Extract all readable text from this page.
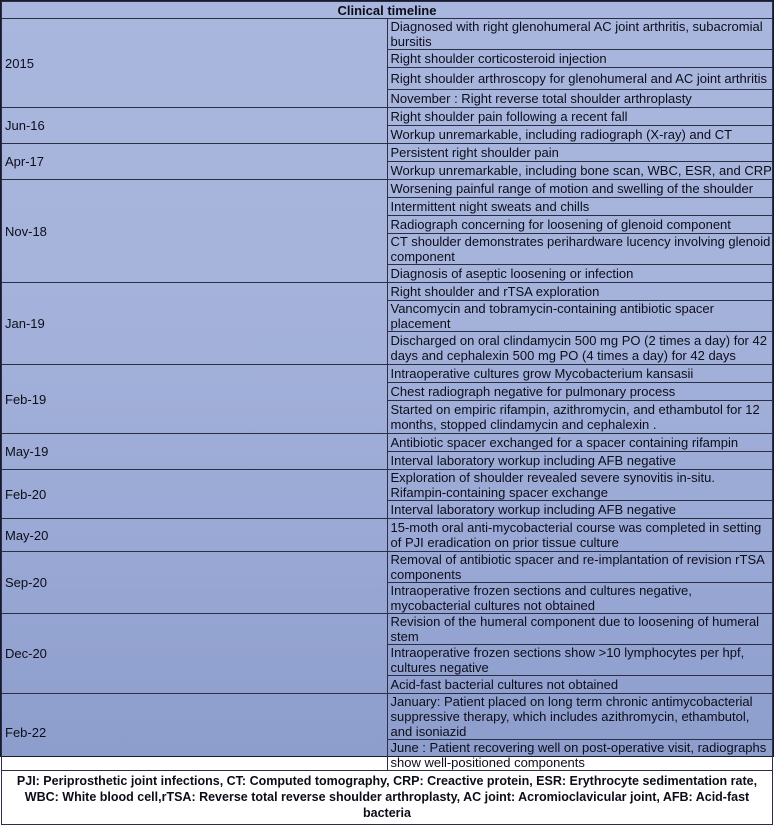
Clinical timeline	
2015	Diagnosed with right glenohumeral AC joint arthritis, subacromial bursitis
	Right shoulder corticosteroid injection
	Right shoulder arthroscopy for glenohumeral and AC joint arthritis
	November : Right reverse total shoulder arthroplasty
Jun-16	Right shoulder pain following a recent fall
	Workup unremarkable, including radiograph (X-ray) and CT
Apr-17	Persistent right shoulder pain
	Workup unremarkable, including bone scan, WBC, ESR, and CRP
Nov-18	Worsening painful range of motion and swelling of the shoulder
	Intermittent night sweats and chills
	Radiograph concerning for loosening of glenoid component
	CT shoulder demonstrates perihardware lucency involving glenoid component
	Diagnosis of aseptic loosening or infection
Jan-19	Right shoulder and rTSA exploration
	Vancomycin and tobramycin-containing antibiotic spacer placement
	Discharged on oral clindamycin 500 mg PO (2 times a day) for 42 days and cephalexin 500 mg PO (4 times a day) for 42 days
Feb-19	Intraoperative cultures grow Mycobacterium kansasii
	Chest radiograph negative for pulmonary process
	Started on empiric rifampin, azithromycin, and ethambutol for 12 months, stopped clindamycin and cephalexin .
May-19	Antibiotic spacer exchanged for a spacer containing rifampin
	Interval laboratory workup including AFB negative
Feb-20	Exploration of shoulder revealed severe synovitis in-situ. Rifampin-containing spacer exchange
	Interval laboratory workup including AFB negative
May-20	15-moth oral anti-mycobacterial course was completed in setting of PJI eradication on prior tissue culture
Sep-20	Removal of antibiotic spacer and re-implantation of revision rTSA components
	Intraoperative frozen sections and cultures negative, mycobacterial cultures not obtained
Dec-20	Revision of the humeral component due to loosening of humeral stem
	Intraoperative frozen sections show >10 lymphocytes per hpf, cultures negative
	Acid-fast bacterial cultures not obtained
Feb-22	January: Patient placed on long term chronic antimycobacterial suppressive therapy, which includes azithromycin, ethambutol, and isoniazid
	June : Patient recovering well on post-operative visit, radiographs show well-positioned components
PJI: Periprosthetic joint infections, CT: Computed tomography, CRP: Creactive protein, ESR: Erythrocyte sedimentation rate, WBC: White blood cell,rTSA: Reverse total reverse shoulder arthroplasty, AC joint: Acromioclavicular joint, AFB: Acid-fast bacteria	
